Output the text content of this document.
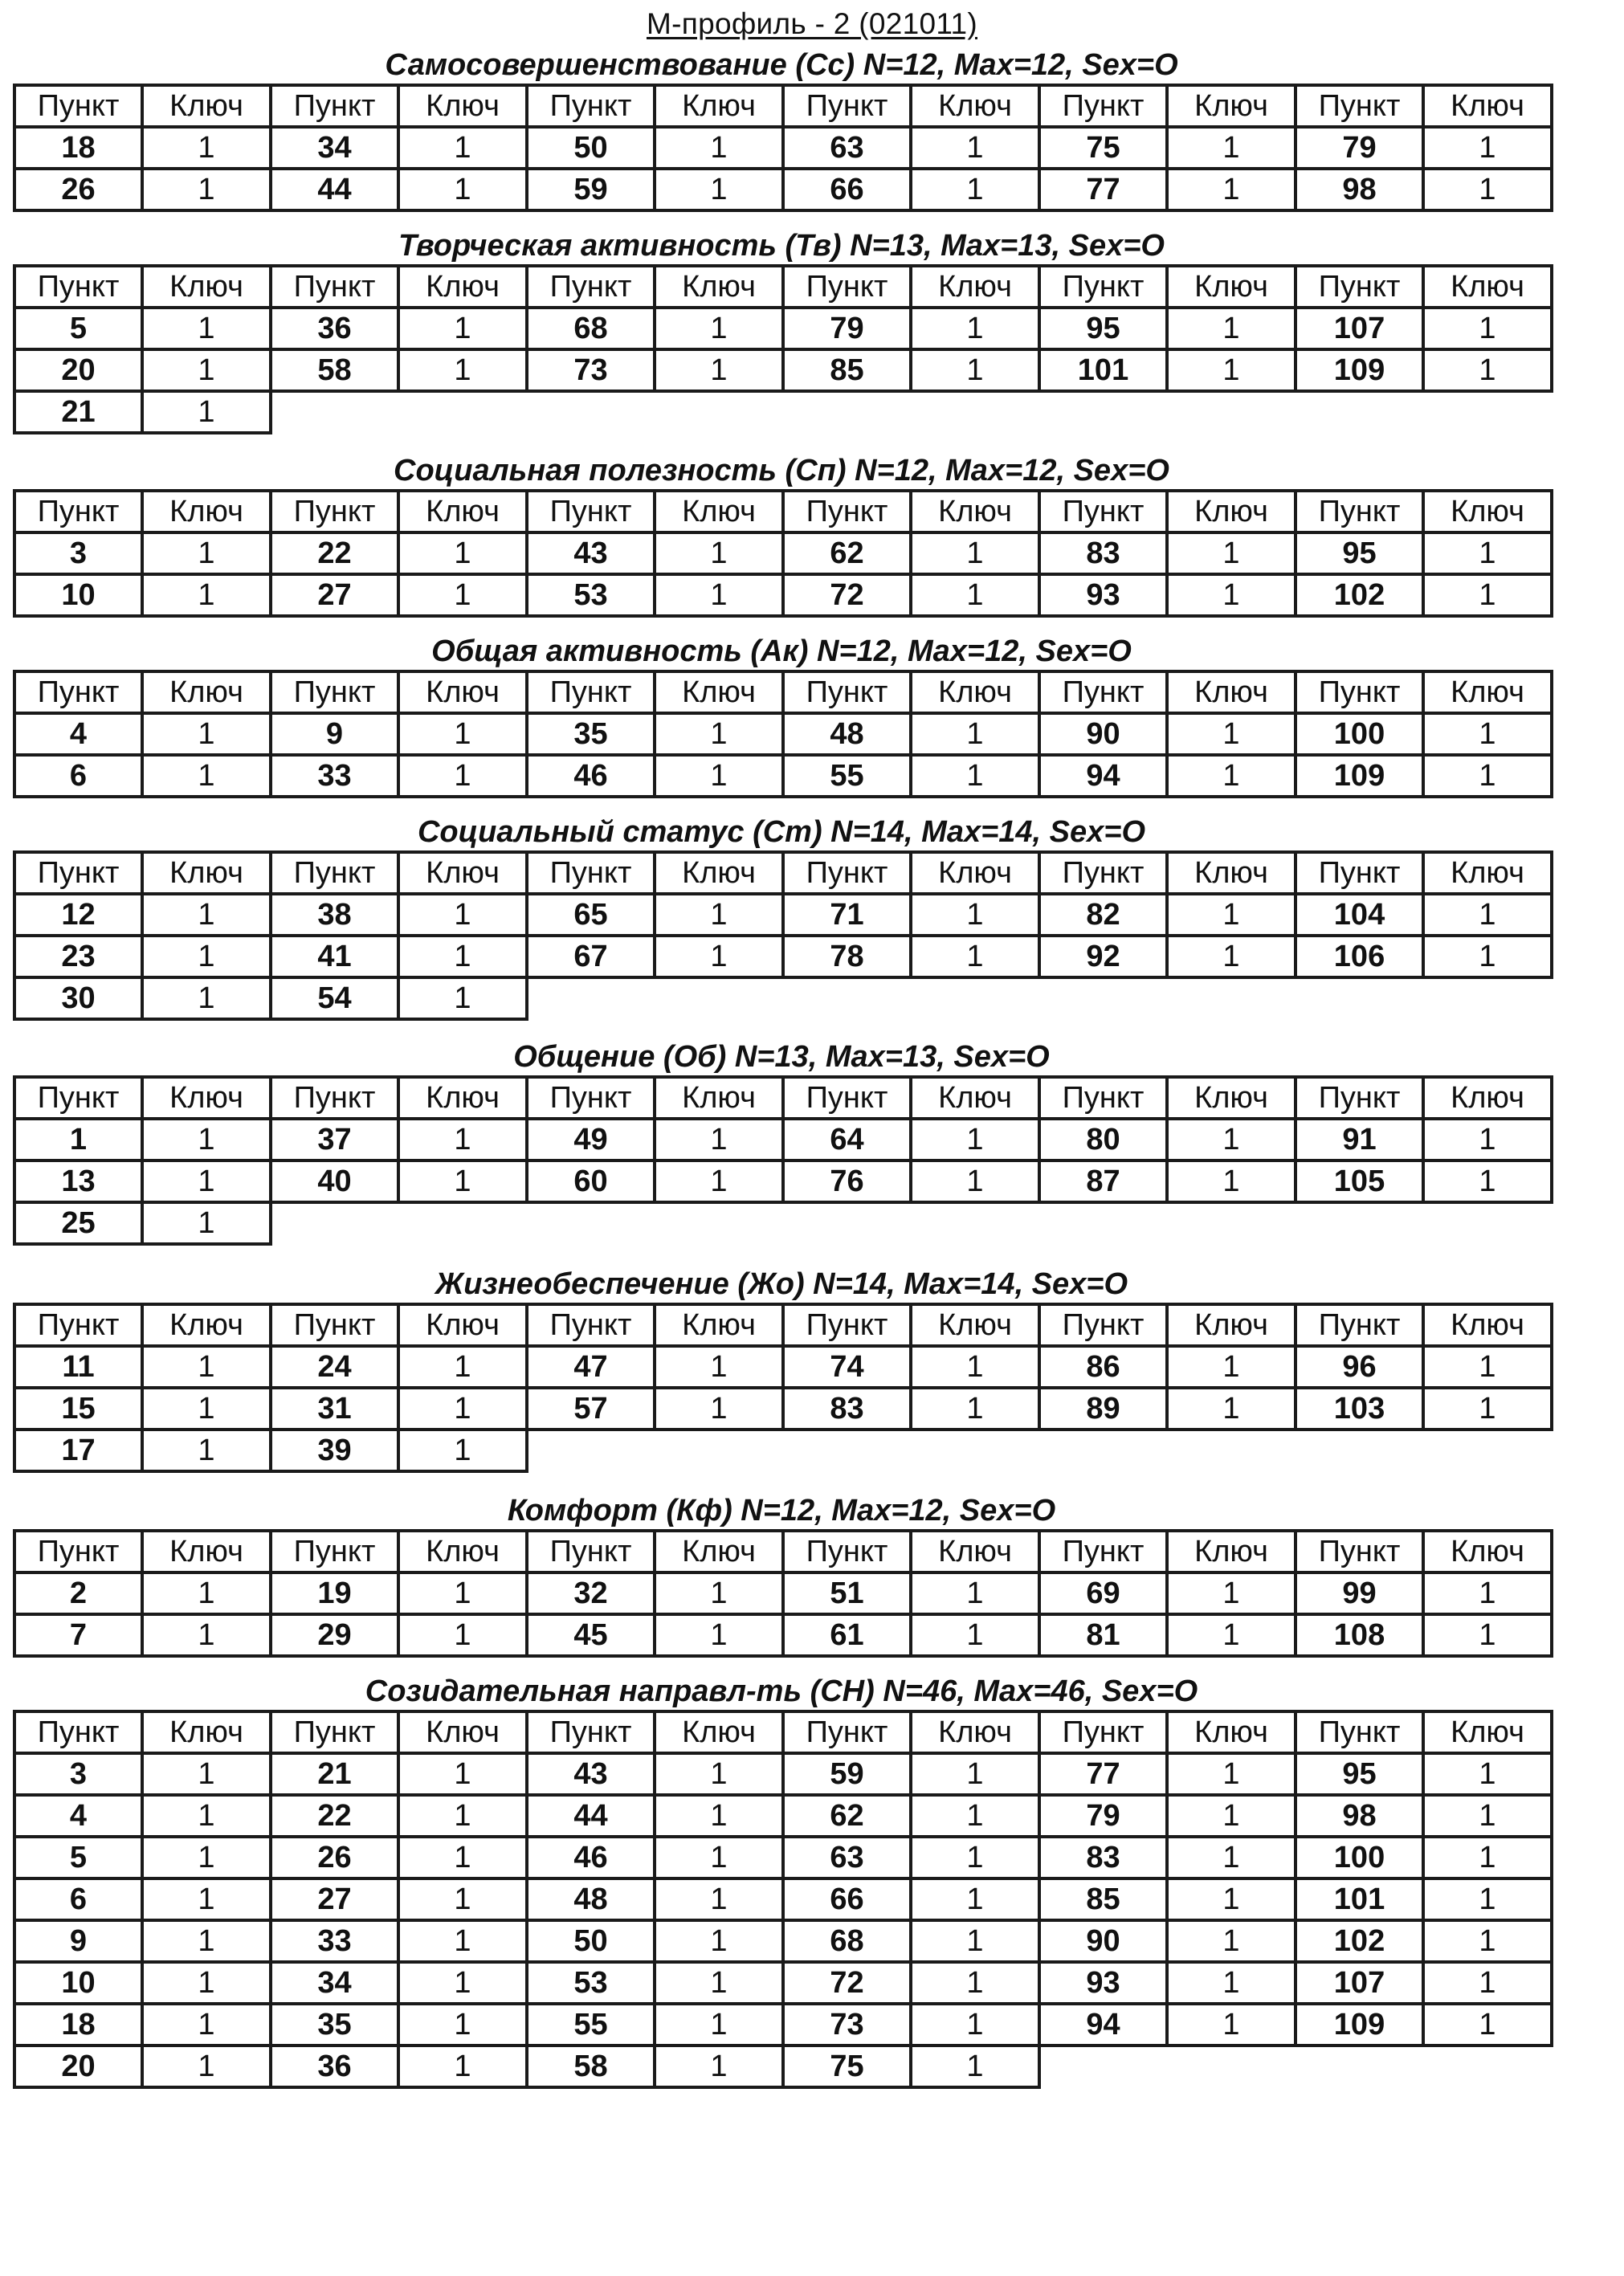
М-профиль - 2 (021011)
Самосовершенствование (Сс) N=12, Max=12, Sex=O
Пункт	Ключ	Пункт	Ключ	Пункт	Ключ	Пункт	Ключ	Пункт	Ключ	Пункт	Ключ
18	1	34	1	50	1	63	1	75	1	79	1
26	1	44	1	59	1	66	1	77	1	98	1
Творческая активность (Тв) N=13, Max=13, Sex=O
Пункт	Ключ	Пункт	Ключ	Пункт	Ключ	Пункт	Ключ	Пункт	Ключ	Пункт	Ключ
5	1	36	1	68	1	79	1	95	1	107	1
20	1	58	1	73	1	85	1	101	1	109	1
21	1										
Социальная полезность (Сп) N=12, Max=12, Sex=O
Пункт	Ключ	Пункт	Ключ	Пункт	Ключ	Пункт	Ключ	Пункт	Ключ	Пункт	Ключ
3	1	22	1	43	1	62	1	83	1	95	1
10	1	27	1	53	1	72	1	93	1	102	1
Общая активность (Ак) N=12, Max=12, Sex=O
Пункт	Ключ	Пункт	Ключ	Пункт	Ключ	Пункт	Ключ	Пункт	Ключ	Пункт	Ключ
4	1	9	1	35	1	48	1	90	1	100	1
6	1	33	1	46	1	55	1	94	1	109	1
Социальный статус (Ст) N=14, Max=14, Sex=O
Пункт	Ключ	Пункт	Ключ	Пункт	Ключ	Пункт	Ключ	Пункт	Ключ	Пункт	Ключ
12	1	38	1	65	1	71	1	82	1	104	1
23	1	41	1	67	1	78	1	92	1	106	1
30	1	54	1								
Общение (Об) N=13, Max=13, Sex=O
Пункт	Ключ	Пункт	Ключ	Пункт	Ключ	Пункт	Ключ	Пункт	Ключ	Пункт	Ключ
1	1	37	1	49	1	64	1	80	1	91	1
13	1	40	1	60	1	76	1	87	1	105	1
25	1										
Жизнеобеспечение (Жо) N=14, Max=14, Sex=O
Пункт	Ключ	Пункт	Ключ	Пункт	Ключ	Пункт	Ключ	Пункт	Ключ	Пункт	Ключ
11	1	24	1	47	1	74	1	86	1	96	1
15	1	31	1	57	1	83	1	89	1	103	1
17	1	39	1								
Комфорт (Кф) N=12, Max=12, Sex=O
Пункт	Ключ	Пункт	Ключ	Пункт	Ключ	Пункт	Ключ	Пункт	Ключ	Пункт	Ключ
2	1	19	1	32	1	51	1	69	1	99	1
7	1	29	1	45	1	61	1	81	1	108	1
Созидательная направл-ть (СН) N=46, Max=46, Sex=O
Пункт	Ключ	Пункт	Ключ	Пункт	Ключ	Пункт	Ключ	Пункт	Ключ	Пункт	Ключ
3	1	21	1	43	1	59	1	77	1	95	1
4	1	22	1	44	1	62	1	79	1	98	1
5	1	26	1	46	1	63	1	83	1	100	1
6	1	27	1	48	1	66	1	85	1	101	1
9	1	33	1	50	1	68	1	90	1	102	1
10	1	34	1	53	1	72	1	93	1	107	1
18	1	35	1	55	1	73	1	94	1	109	1
20	1	36	1	58	1	75	1				
